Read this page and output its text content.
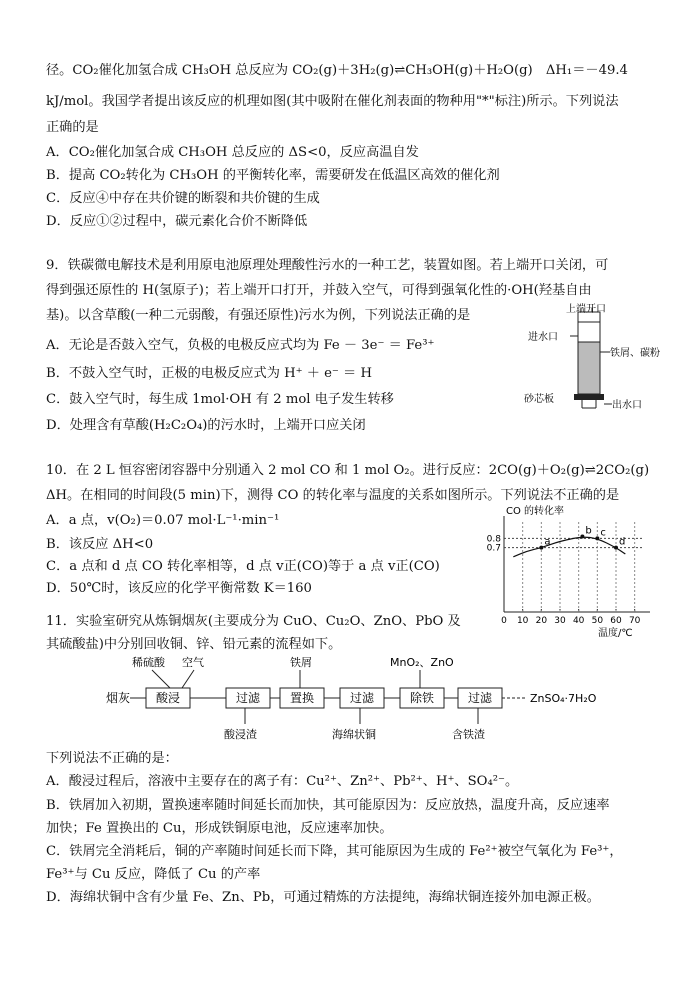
径。CO₂催化加氢合成 CH₃OH 总反应为 CO₂(g)＋3H₂(g)⇌CH₃OH(g)＋H₂O(g)　ΔH₁＝－49.4
kJ/mol。我国学者提出该反应的机理如图(其中吸附在催化剂表面的物种用"*"标注)所示。下列说法
正确的是
A．CO₂催化加氢合成 CH₃OH 总反应的 ΔS<0，反应高温自发
B．提高 CO₂转化为 CH₃OH 的平衡转化率，需要研发在低温区高效的催化剂
C．反应④中存在共价键的断裂和共价键的生成
D．反应①②过程中，碳元素化合价不断降低
9．铁碳微电解技术是利用原电池原理处理酸性污水的一种工艺，装置如图。若上端开口关闭，可
得到强还原性的 H(氢原子)；若上端开口打开，并鼓入空气，可得到强氧化性的·OH(羟基自由
基)。以含草酸(一种二元弱酸，有强还原性)污水为例，下列说法正确的是
A．无论是否鼓入空气，负极的电极反应式均为 Fe － 3e⁻ ＝ Fe³⁺
B．不鼓入空气时，正极的电极反应式为 H⁺ ＋ e⁻ ＝ H
C．鼓入空气时，每生成 1mol·OH 有 2 mol 电子发生转移
D．处理含有草酸(H₂C₂O₄)的污水时，上端开口应关闭
上端开口
进水口
铁屑、碳粉
砂芯板
出水口
10．在 2 L 恒容密闭容器中分别通入 2 mol CO 和 1 mol O₂。进行反应：2CO(g)＋O₂(g)⇌2CO₂(g)
ΔH。在相同的时间段(5 min)下，测得 CO 的转化率与温度的关系如图所示。下列说法不正确的是
A．a 点，v(O₂)＝0.07 mol·L⁻¹·min⁻¹
B．该反应 ΔH<0
C．a 点和 d 点 CO 转化率相等，d 点 v正(CO)等于 a 点 v正(CO)
D．50℃时，该反应的化学平衡常数 K＝160
CO 的转化率
温度/℃
0 10 20 30 40 50 60 70
0.7
0.8	a
b c
d
11．实验室研究从炼铜烟灰(主要成分为 CuO、Cu₂O、ZnO、PbO 及
其硫酸盐)中分别回收铜、锌、铅元素的流程如下。
烟灰 酸浸	过滤 置换	过滤	除铁	过滤
稀硫酸 空气	铁屑	MnO₂、ZnO
酸浸渣	海绵状铜	含铁渣
ZnSO₄·7H₂O
下列说法不正确的是：
A．酸浸过程后，溶液中主要存在的离子有：Cu²⁺、Zn²⁺、Pb²⁺、H⁺、SO₄²⁻。
B．铁屑加入初期，置换速率随时间延长而加快，其可能原因为：反应放热，温度升高，反应速率
加快；Fe 置换出的 Cu，形成铁铜原电池，反应速率加快。
C．铁屑完全消耗后，铜的产率随时间延长而下降，其可能原因为生成的 Fe²⁺被空气氧化为 Fe³⁺，
Fe³⁺与 Cu 反应，降低了 Cu 的产率
D．海绵状铜中含有少量 Fe、Zn、Pb，可通过精炼的方法提纯，海绵状铜连接外加电源正极。
